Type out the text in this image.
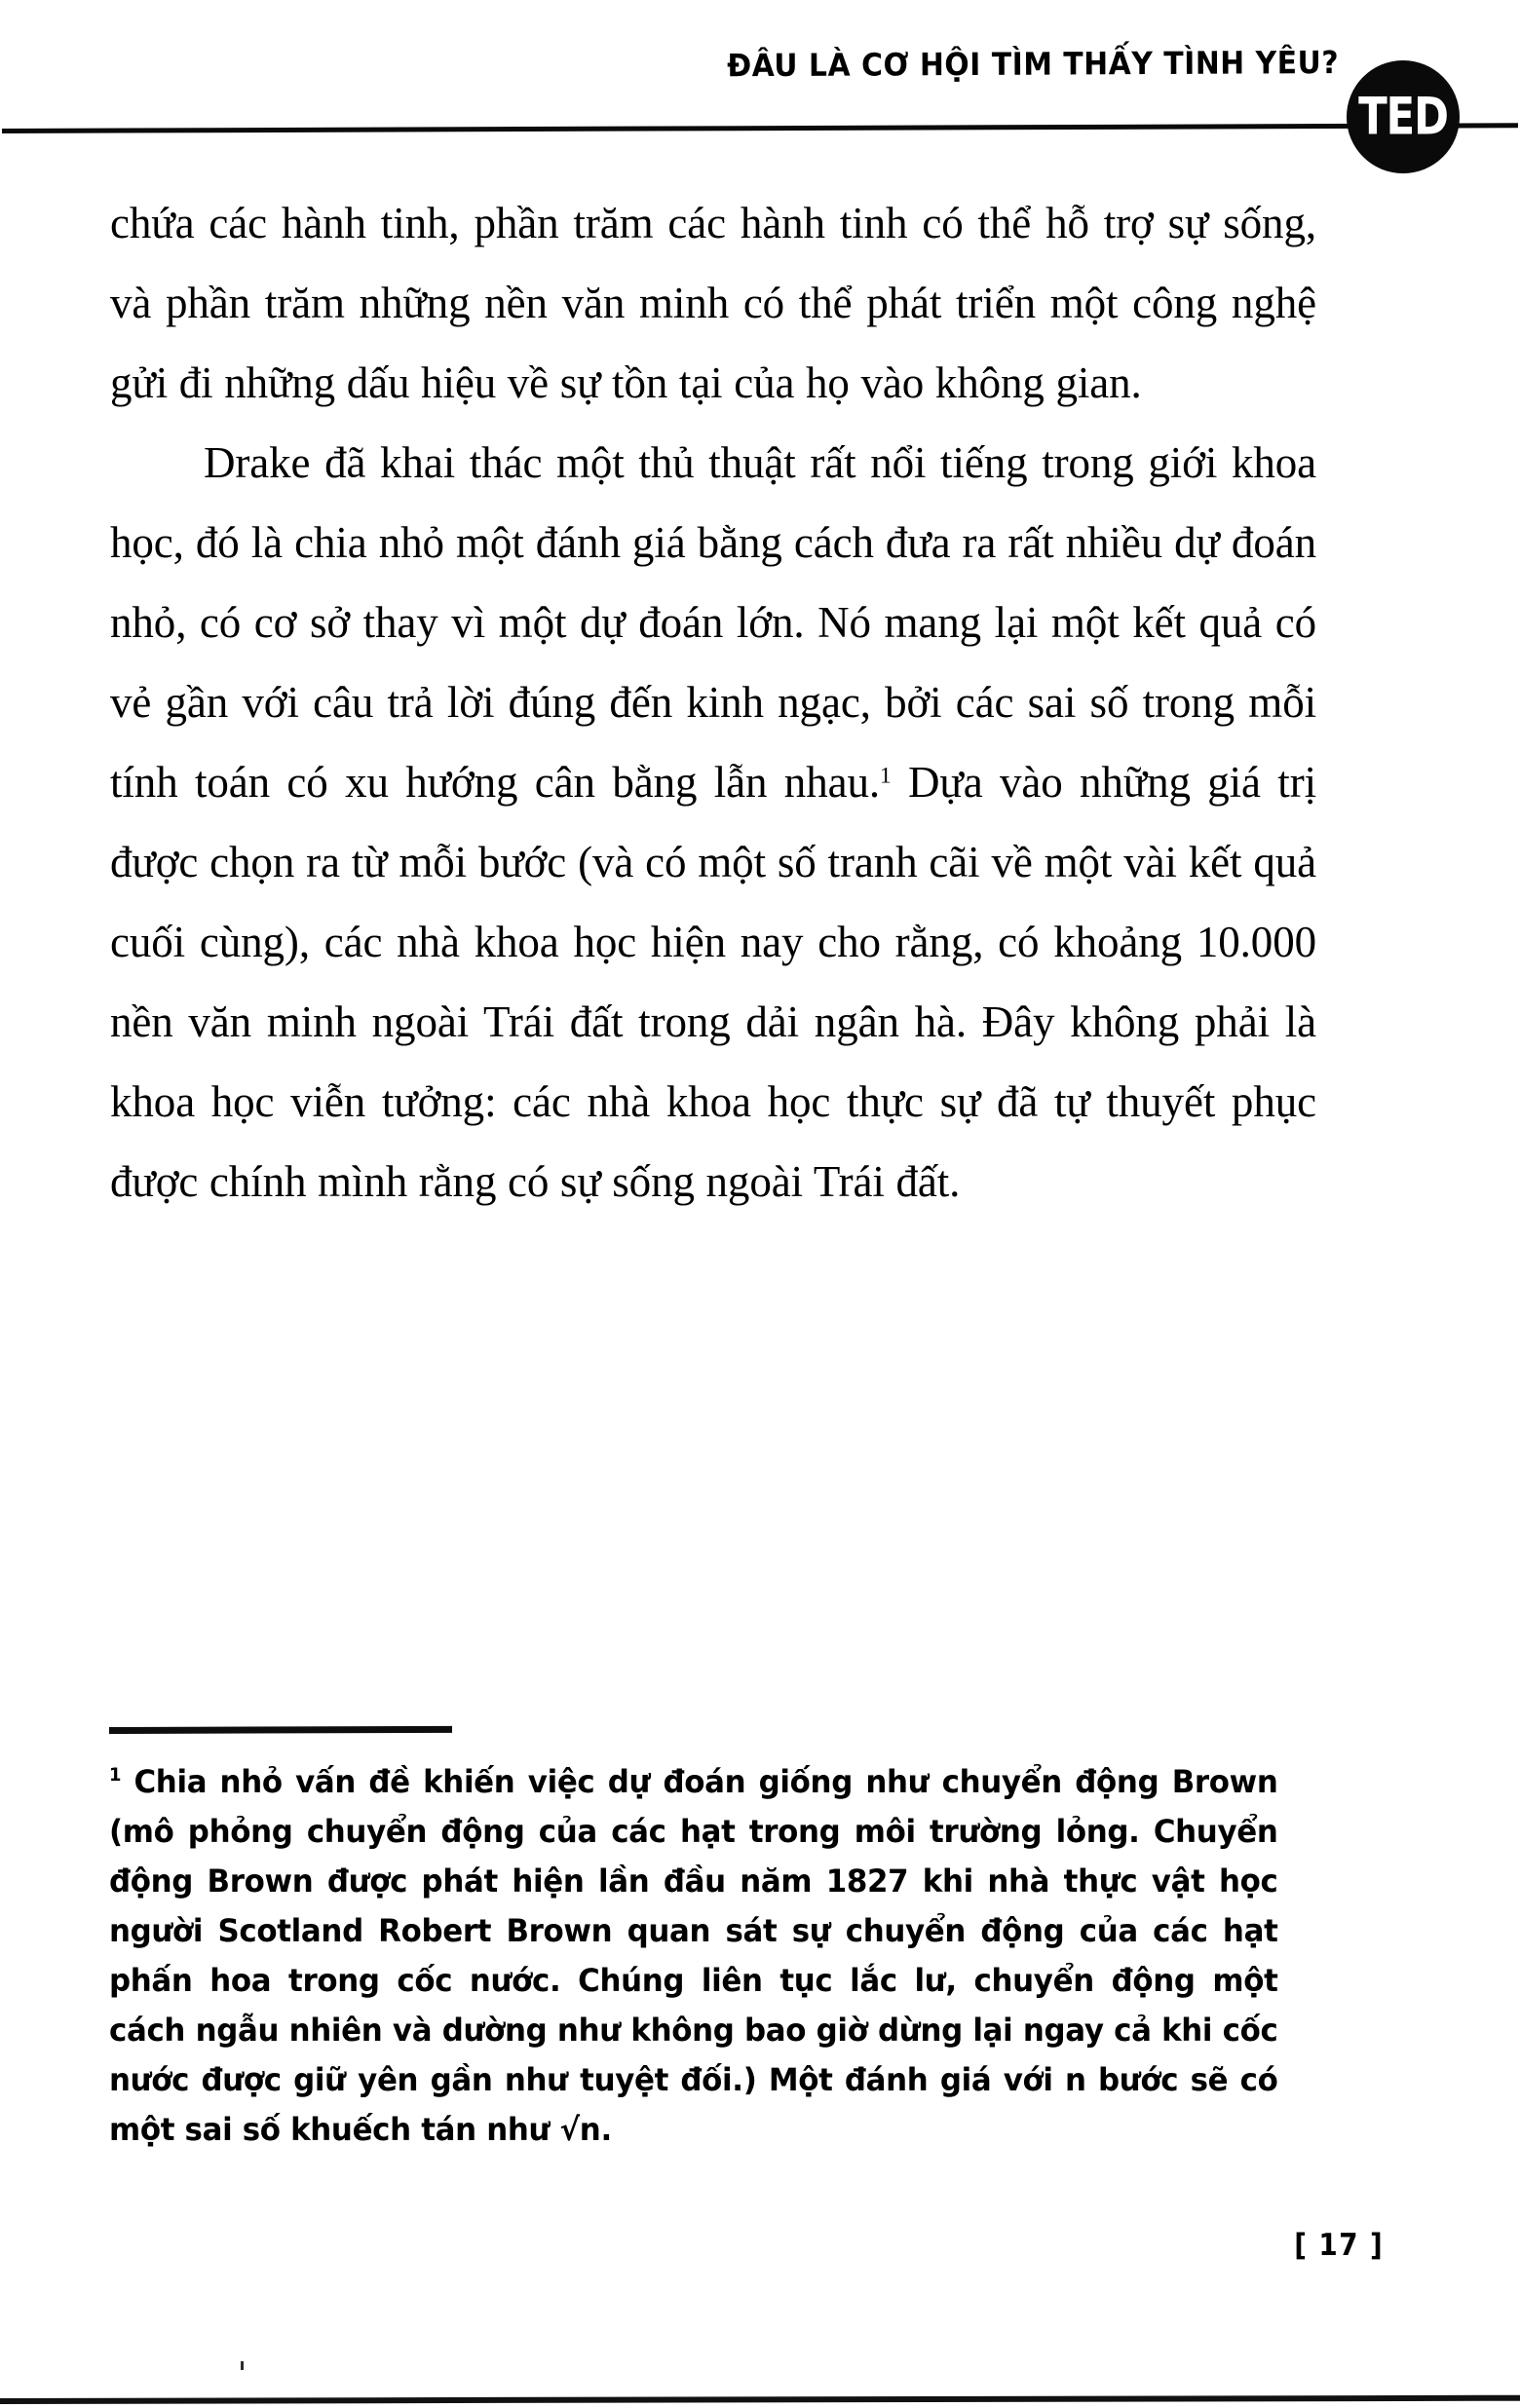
ĐÂU LÀ CƠ HỘI TÌM THẤY TÌNH YÊU?
TED

chứa các hành tinh, phần trăm các hành tinh có thể hỗ trợ sự sống, và phần trăm những nền văn minh có thể phát triển một công nghệ gửi đi những dấu hiệu về sự tồn tại của họ vào không gian.

Drake đã khai thác một thủ thuật rất nổi tiếng trong giới khoa học, đó là chia nhỏ một đánh giá bằng cách đưa ra rất nhiều dự đoán nhỏ, có cơ sở thay vì một dự đoán lớn. Nó mang lại một kết quả có vẻ gần với câu trả lời đúng đến kinh ngạc, bởi các sai số trong mỗi tính toán có xu hướng cân bằng lẫn nhau.$^1$ Dựa vào những giá trị được chọn ra từ mỗi bước (và có một số tranh cãi về một vài kết quả cuối cùng), các nhà khoa học hiện nay cho rằng, có khoảng 10.000 nền văn minh ngoài Trái đất trong dải ngân hà. Đây không phải là khoa học viễn tưởng: các nhà khoa học thực sự đã tự thuyết phục được chính mình rằng có sự sống ngoài Trái đất.

$^1$ Chia nhỏ vấn đề khiến việc dự đoán giống như chuyển động Brown (mô phỏng chuyển động của các hạt trong môi trường lỏng. Chuyển động Brown được phát hiện lần đầu năm 1827 khi nhà thực vật học người Scotland Robert Brown quan sát sự chuyển động của các hạt phấn hoa trong cốc nước. Chúng liên tục lắc lư, chuyển động một cách ngẫu nhiên và dường như không bao giờ dừng lại ngay cả khi cốc nước được giữ yên gần như tuyệt đối.) Một đánh giá với n bước sẽ có một sai số khuếch tán như √n.

[ 17 ]
